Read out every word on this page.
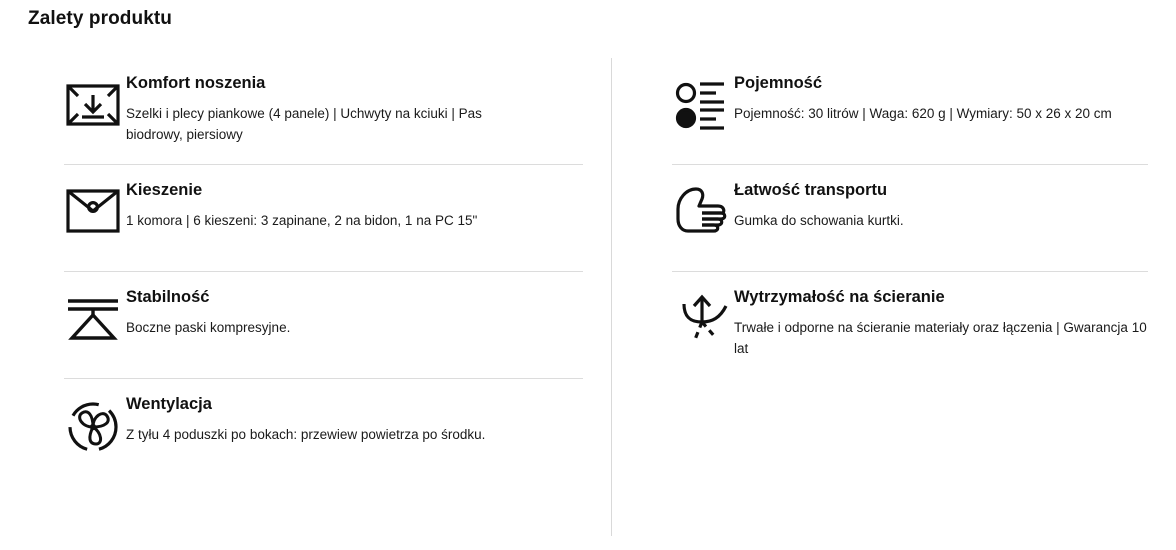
Zalety produktu

Komfort noszenia

Szelki i plecy piankowe (4 panele) | Uchwyty na kciuki | Pas biodrowy, piersiowy

Kieszenie

1 komora | 6 kieszeni: 3 zapinane, 2 na bidon, 1 na PC 15"

Stabilność

Boczne paski kompresyjne.

Wentylacja

Z tyłu 4 poduszki po bokach: przewiew powietrza po środku.

Pojemność

Pojemność: 30 litrów | Waga: 620 g | Wymiary: 50 x 26 x 20 cm

Łatwość transportu

Gumka do schowania kurtki.

Wytrzymałość na ścieranie

Trwałe i odporne na ścieranie materiały oraz łączenia | Gwarancja 10 lat
